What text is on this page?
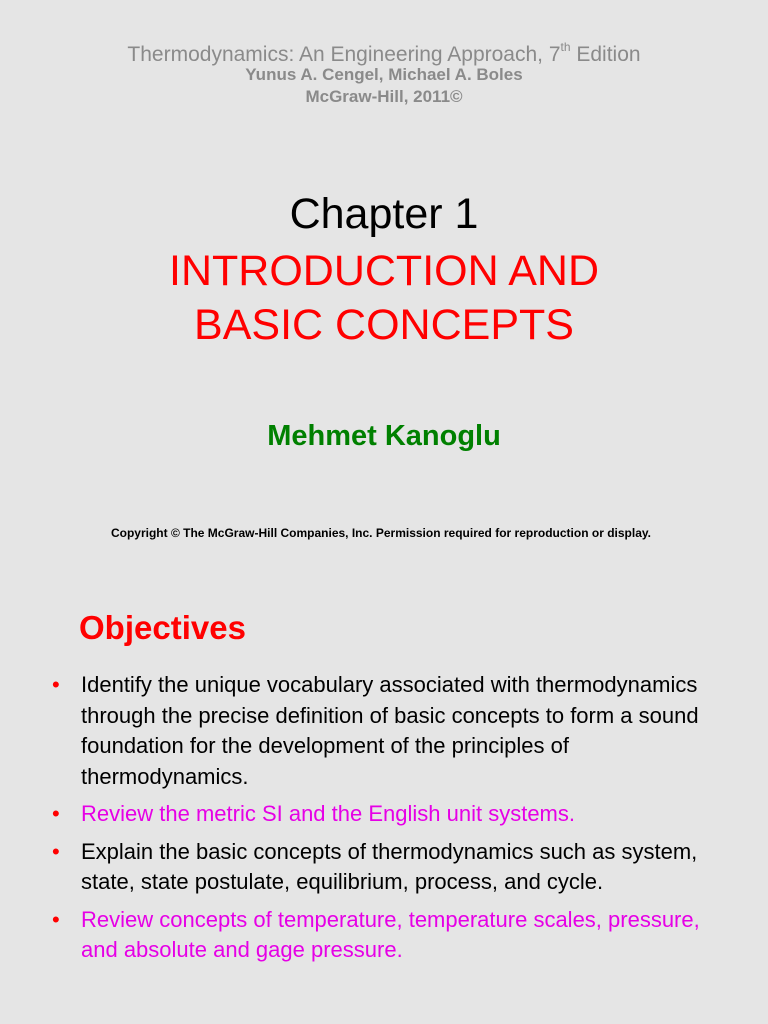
Thermodynamics: An Engineering Approach, 7th Edition
Yunus A. Cengel, Michael A. Boles
McGraw-Hill, 2011©
Chapter 1
INTRODUCTION AND
BASIC CONCEPTS
Mehmet Kanoglu
Copyright © The McGraw-Hill Companies, Inc. Permission required for reproduction or display.
Objectives
• Identify the unique vocabulary associated with thermodynamics through the precise definition of basic concepts to form a sound foundation for the development of the principles of thermodynamics.
• Review the metric SI and the English unit systems.
• Explain the basic concepts of thermodynamics such as system, state, state postulate, equilibrium, process, and cycle.
• Review concepts of temperature, temperature scales, pressure, and absolute and gage pressure.
